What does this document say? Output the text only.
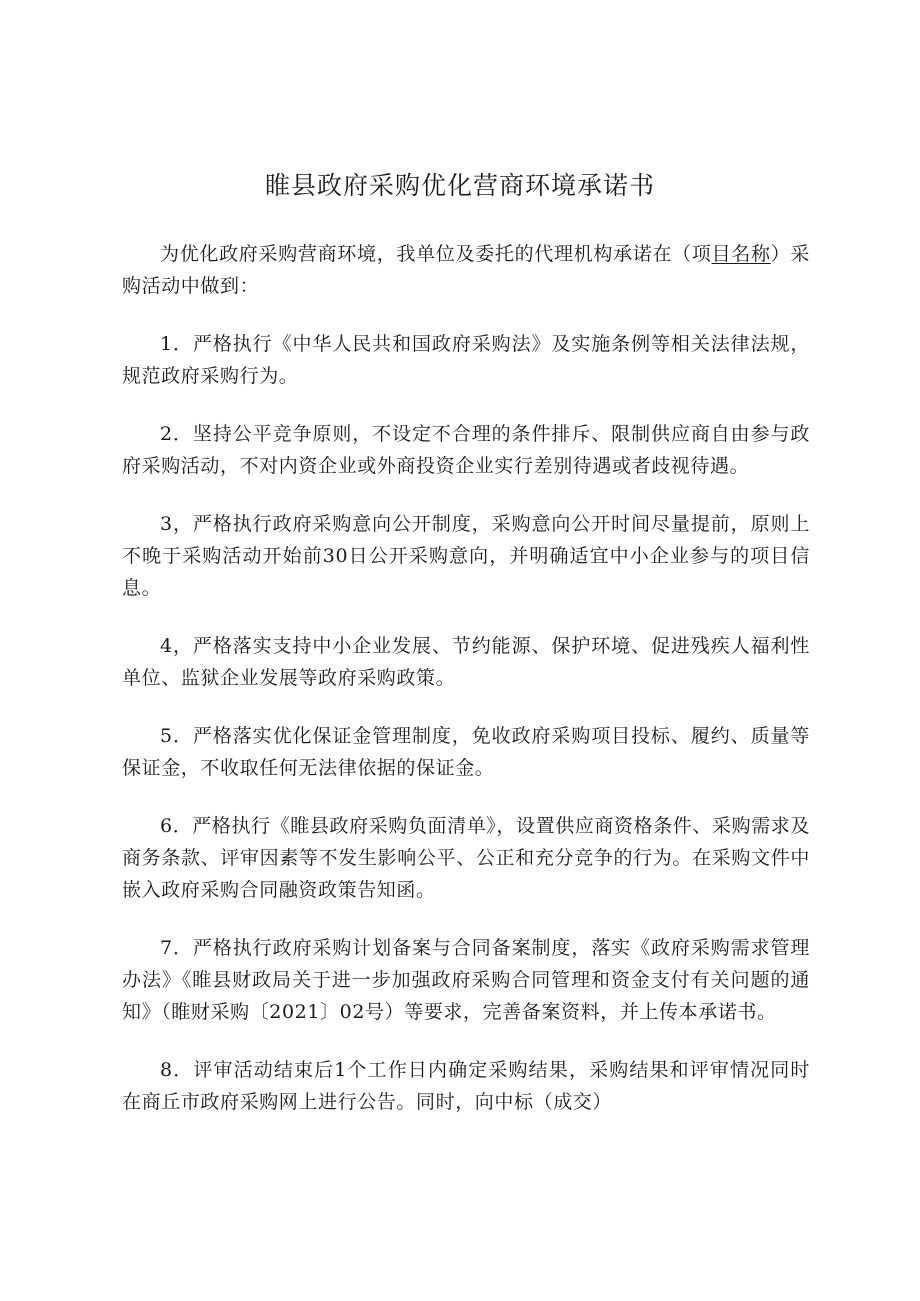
睢县政府采购优化营商环境承诺书

为优化政府采购营商环境，我单位及委托的代理机构承诺在（项目名称）采购活动中做到：

1．严格执行《中华人民共和国政府采购法》及实施条例等相关法律法规，规范政府采购行为。

2．坚持公平竞争原则，不设定不合理的条件排斥、限制供应商自由参与政府采购活动，不对内资企业或外商投资企业实行差别待遇或者歧视待遇。

3，严格执行政府采购意向公开制度，采购意向公开时间尽量提前，原则上不晚于采购活动开始前30日公开采购意向，并明确适宜中小企业参与的项目信息。

4，严格落实支持中小企业发展、节约能源、保护环境、促进残疾人福利性单位、监狱企业发展等政府采购政策。

5．严格落实优化保证金管理制度，免收政府采购项目投标、履约、质量等保证金，不收取任何无法律依据的保证金。

6．严格执行《睢县政府采购负面清单》，设置供应商资格条件、采购需求及商务条款、评审因素等不发生影响公平、公正和充分竞争的行为。在采购文件中嵌入政府采购合同融资政策告知函。

7．严格执行政府采购计划备案与合同备案制度，落实《政府采购需求管理办法》《睢县财政局关于进一步加强政府采购合同管理和资金支付有关问题的通知》（睢财采购〔2021〕02号）等要求，完善备案资料，并上传本承诺书。

8．评审活动结束后1个工作日内确定采购结果，采购结果和评审情况同时在商丘市政府采购网上进行公告。同时，向中标（成交）
